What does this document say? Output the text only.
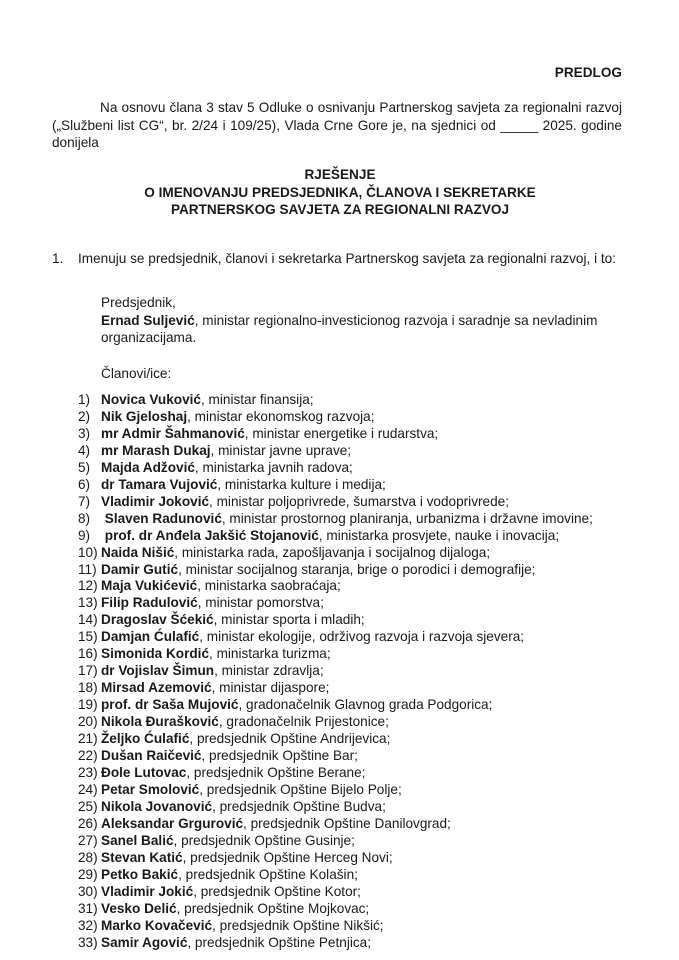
PREDLOG
Na osnovu člana 3 stav 5 Odluke o osnivanju Partnerskog savjeta za regionalni razvoj („Službeni list CG“, br. 2/24 i 109/25), Vlada Crne Gore je, na sjednici od _____ 2025. godine donijela
RJEŠENJE
O IMENOVANJU PREDSJEDNIKA, ČLANOVA I SEKRETARKE
PARTNERSKOG SAVJETA ZA REGIONALNI RAZVOJ
1.	Imenuju se predsjednik, članovi i sekretarka Partnerskog savjeta za regionalni razvoj, i to:
Predsjednik,
Ernad Suljević, ministar regionalno-investicionog razvoja i saradnje sa nevladinim organizacijama.
Članovi/ice:
1) Novica Vuković, ministar finansija;
2) Nik Gjeloshaj, ministar ekonomskog razvoja;
3) mr Admir Šahmanović, ministar energetike i rudarstva;
4) mr Marash Dukaj, ministar javne uprave;
5) Majda Adžović, ministarka javnih radova;
6) dr Tamara Vujović, ministarka kulture i medija;
7) Vladimir Joković, ministar poljoprivrede, šumarstva i vodoprivrede;
8) Slaven Radunović, ministar prostornog planiranja, urbanizma i državne imovine;
9) prof. dr Anđela Jakšić Stojanović, ministarka prosvjete, nauke i inovacija;
10) Naida Nišić, ministarka rada, zapošljavanja i socijalnog dijaloga;
11) Damir Gutić, ministar socijalnog staranja, brige o porodici i demografije;
12) Maja Vukićević, ministarka saobraćaja;
13) Filip Radulović, ministar pomorstva;
14) Dragoslav Šćekić, ministar sporta i mladih;
15) Damjan Ćulafić, ministar ekologije, održivog razvoja i razvoja sjevera;
16) Simonida Kordić, ministarka turizma;
17) dr Vojislav Šimun, ministar zdravlja;
18) Mirsad Azemović, ministar dijaspore;
19) prof. dr Saša Mujović, gradonačelnik Glavnog grada Podgorica;
20) Nikola Đurašković, gradonačelnik Prijestonice;
21) Željko Ćulafić, predsjednik Opštine Andrijevica;
22) Dušan Raičević, predsjednik Opštine Bar;
23) Đole Lutovac, predsjednik Opštine Berane;
24) Petar Smolović, predsjednik Opštine Bijelo Polje;
25) Nikola Jovanović, predsjednik Opštine Budva;
26) Aleksandar Grgurović, predsjednik Opštine Danilovgrad;
27) Sanel Balić, predsjednik Opštine Gusinje;
28) Stevan Katić, predsjednik Opštine Herceg Novi;
29) Petko Bakić, predsjednik Opštine Kolašin;
30) Vladimir Jokić, predsjednik Opštine Kotor;
31) Vesko Delić, predsjednik Opštine Mojkovac;
32) Marko Kovačević, predsjednik Opštine Nikšić;
33) Samir Agović, predsjednik Opštine Petnjica;
